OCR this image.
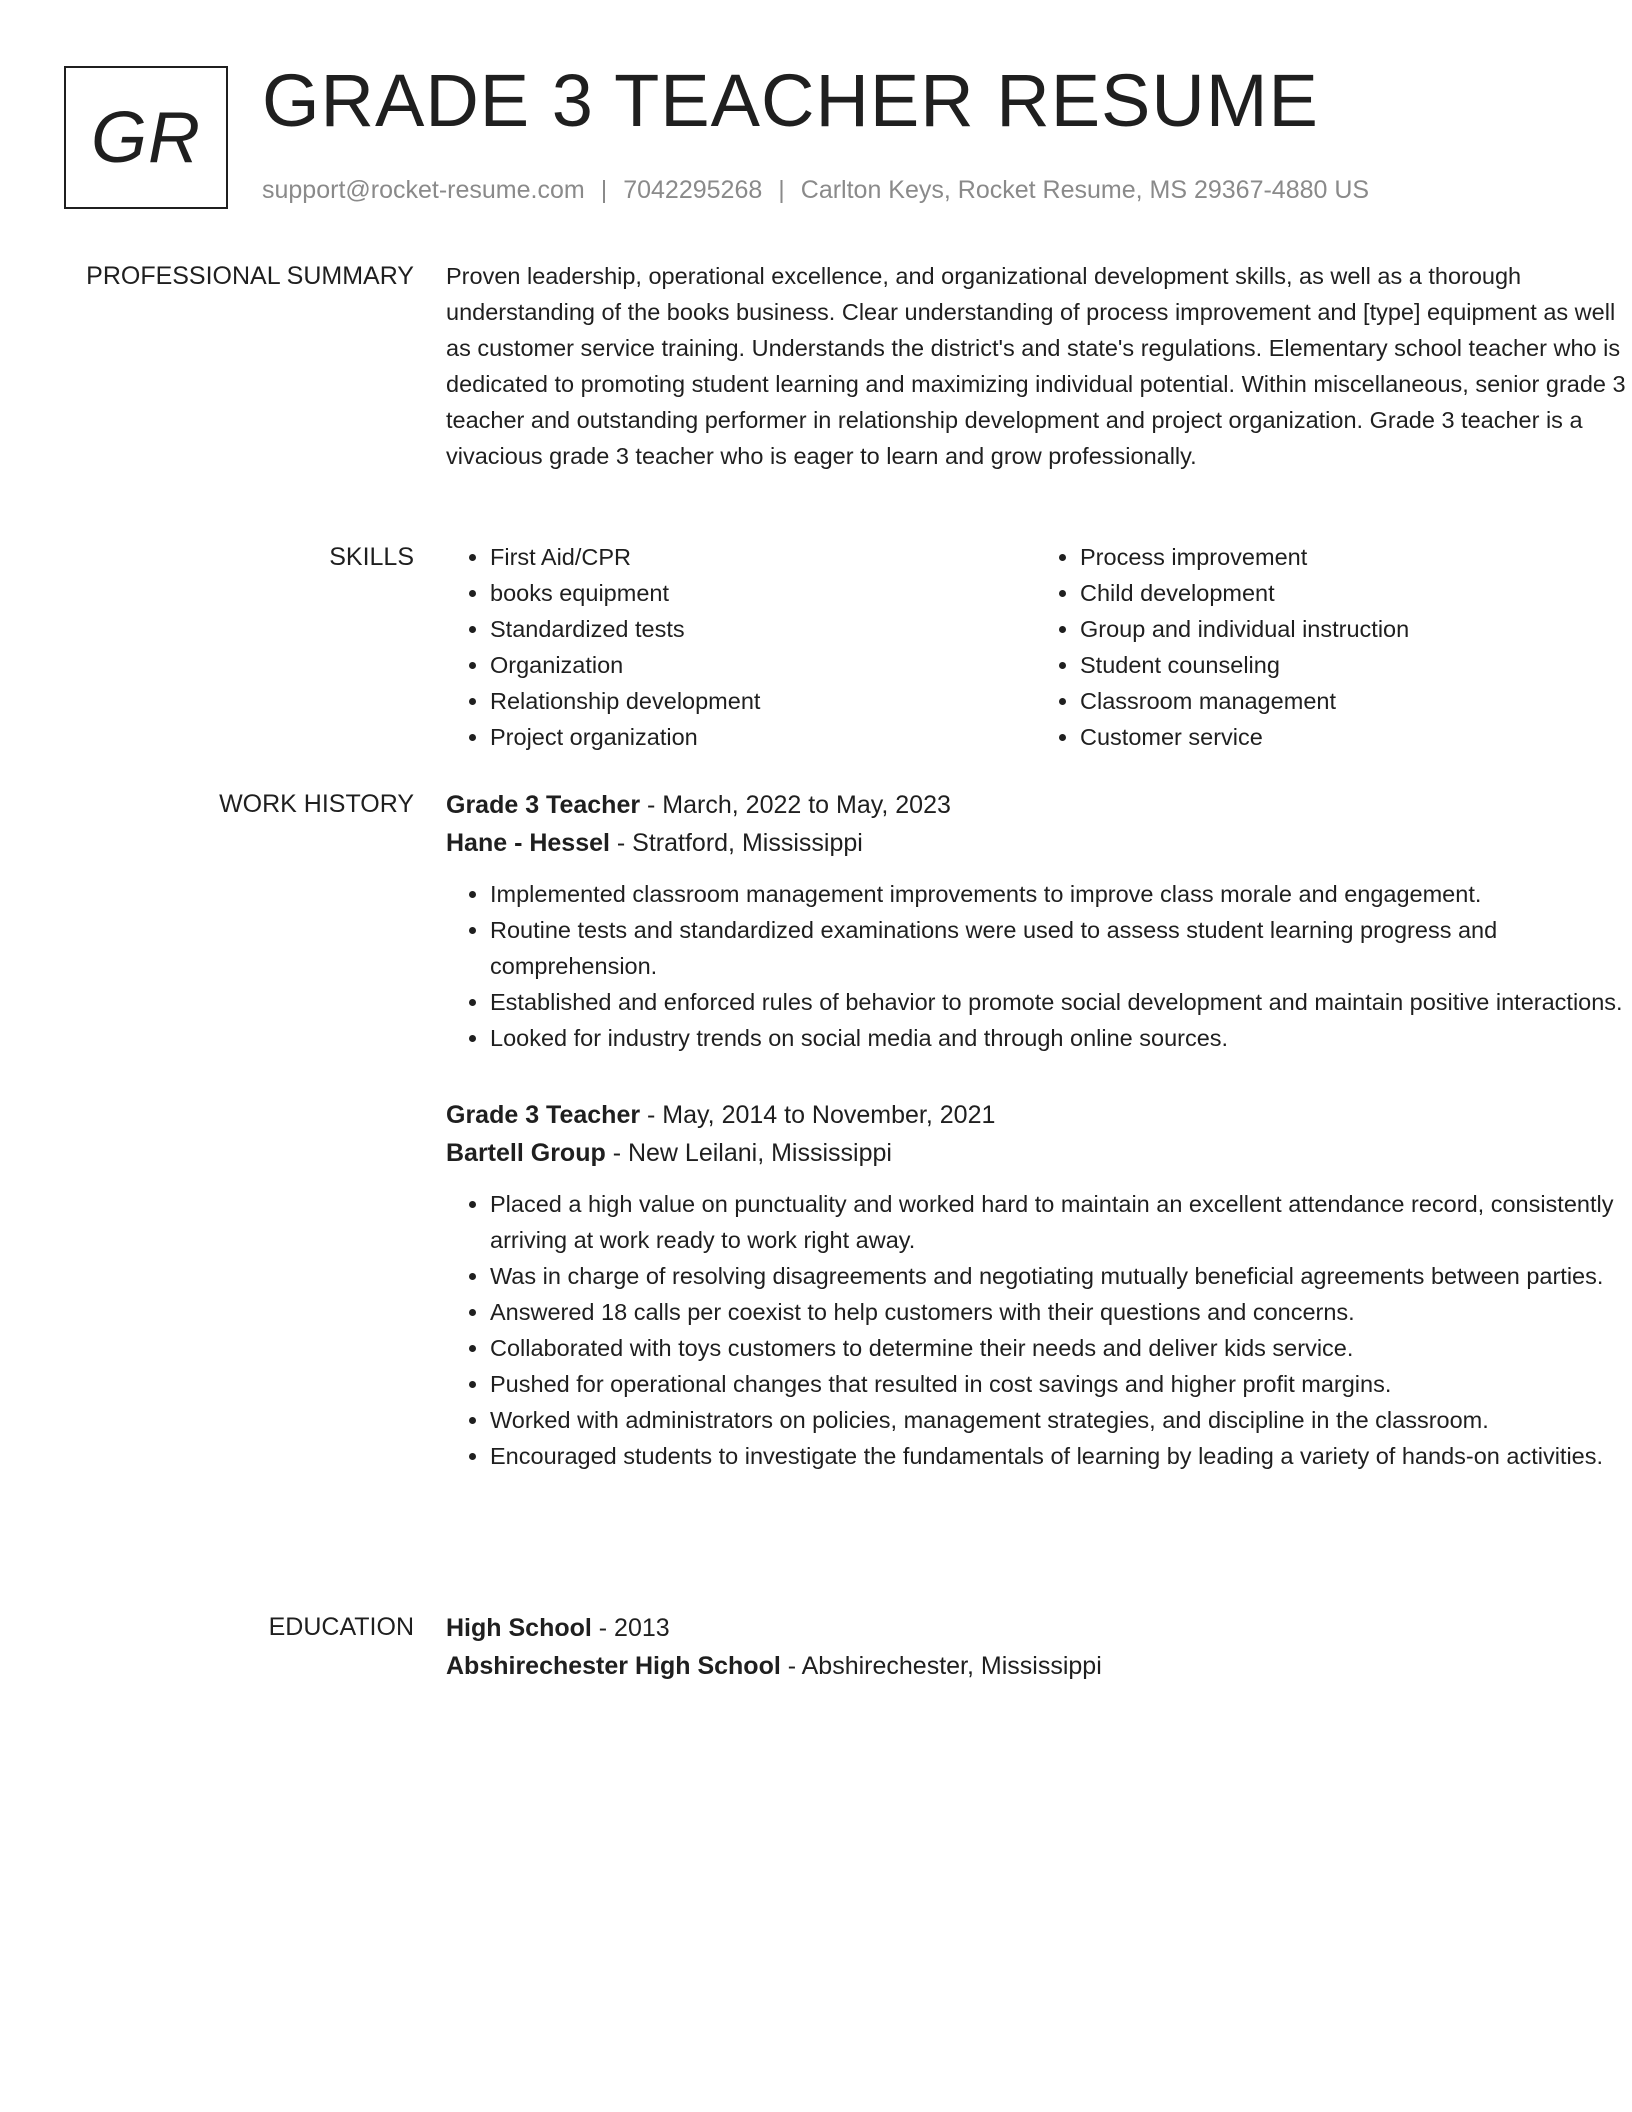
GR GRADE 3 TEACHER RESUME
support@rocket-resume.com | 7042295268 | Carlton Keys, Rocket Resume, MS 29367-4880 US
PROFESSIONAL SUMMARY Proven leadership, operational excellence, and organizational development skills, as well as a thorough understanding of the books business. Clear understanding of process improvement and [type] equipment as well as customer service training. Understands the district's and state's regulations. Elementary school teacher who is dedicated to promoting student learning and maximizing individual potential. Within miscellaneous, senior grade 3 teacher and outstanding performer in relationship development and project organization. Grade 3 teacher is a vivacious grade 3 teacher who is eager to learn and grow professionally.

SKILLS
•	First Aid/CPR
• books equipment
• Standardized tests
• Organization
• Relationship development
• Project organization
• Process improvement
• Child development
• Group and individual instruction
• Student counseling
• Classroom management
• Customer service
WORK HISTORY Grade 3 Teacher - March, 2022 to May, 2023
Hane - Hessel - Stratford, Mississippi
• Implemented classroom management improvements to improve class morale and engagement.
• Routine tests and standardized examinations were used to assess student learning progress and comprehension.
• Established and enforced rules of behavior to promote social development and maintain positive interactions.
• Looked for industry trends on social media and through online sources.
Grade 3 Teacher - May, 2014 to November, 2021
Bartell Group - New Leilani, Mississippi
• Placed a high value on punctuality and worked hard to maintain an excellent attendance record, consistently arriving at work ready to work right away.
• Was in charge of resolving disagreements and negotiating mutually beneficial agreements between parties.
• Answered 18 calls per coexist to help customers with their questions and concerns.
• Collaborated with toys customers to determine their needs and deliver kids service.
• Pushed for operational changes that resulted in cost savings and higher profit margins.
• Worked with administrators on policies, management strategies, and discipline in the classroom.
• Encouraged students to investigate the fundamentals of learning by leading a variety of hands-on activities.
EDUCATION High School - 2013
Abshirechester High School - Abshirechester, Mississippi
